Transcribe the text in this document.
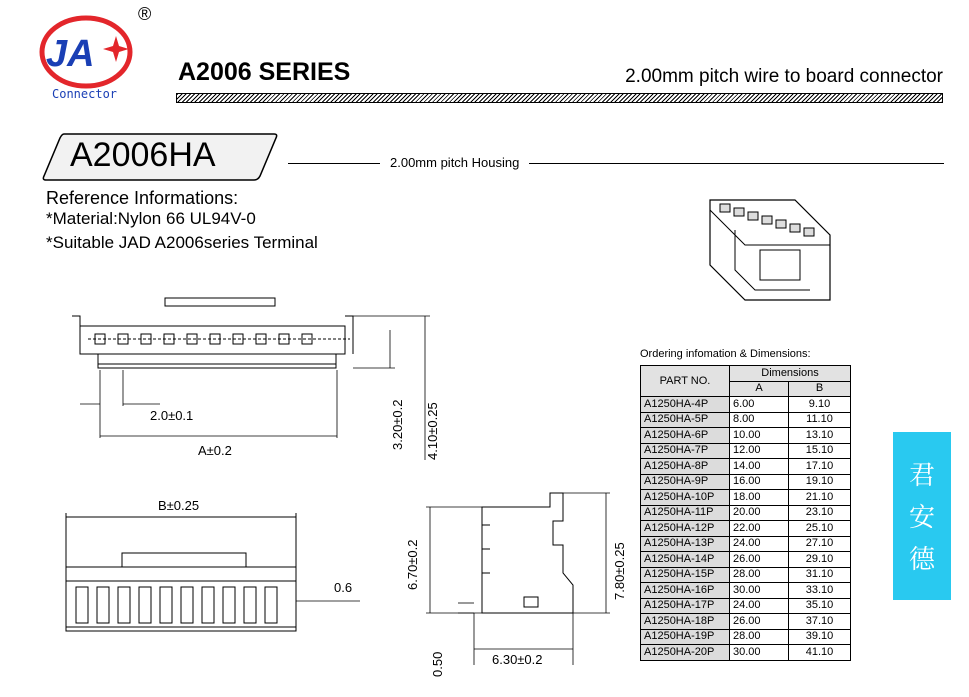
JA
Connector
®
A2006 SERIES	2.00mm pitch wire to board connector
A2006HA	2.00mm pitch Housing
Reference Informations:
*Material:Nylon 66 UL94V-0
*Suitable JAD A2006series Terminal
2.0±0.1
A±0.2
3.20±0.2 4.10±0.25
B±0.25
0.6	6.70±0.2	7.80±0.25
6.30±0.2
0.50
Ordering infomation & Dimensions:
PART NO.	Dimensions	
	A	B
A1250HA-4P	6.00	9.10
A1250HA-5P	8.00	11.10
A1250HA-6P	10.00	13.10
A1250HA-7P	12.00	15.10
A1250HA-8P	14.00	17.10
A1250HA-9P	16.00	19.10
A1250HA-10P	18.00	21.10
A1250HA-11P	20.00	23.10
A1250HA-12P	22.00	25.10
A1250HA-13P	24.00	27.10
A1250HA-14P	26.00	29.10
A1250HA-15P	28.00	31.10
A1250HA-16P	30.00	33.10
A1250HA-17P	24.00	35.10
A1250HA-18P	26.00	37.10
A1250HA-19P	28.00	39.10
A1250HA-20P	30.00	41.10
君
安
德
